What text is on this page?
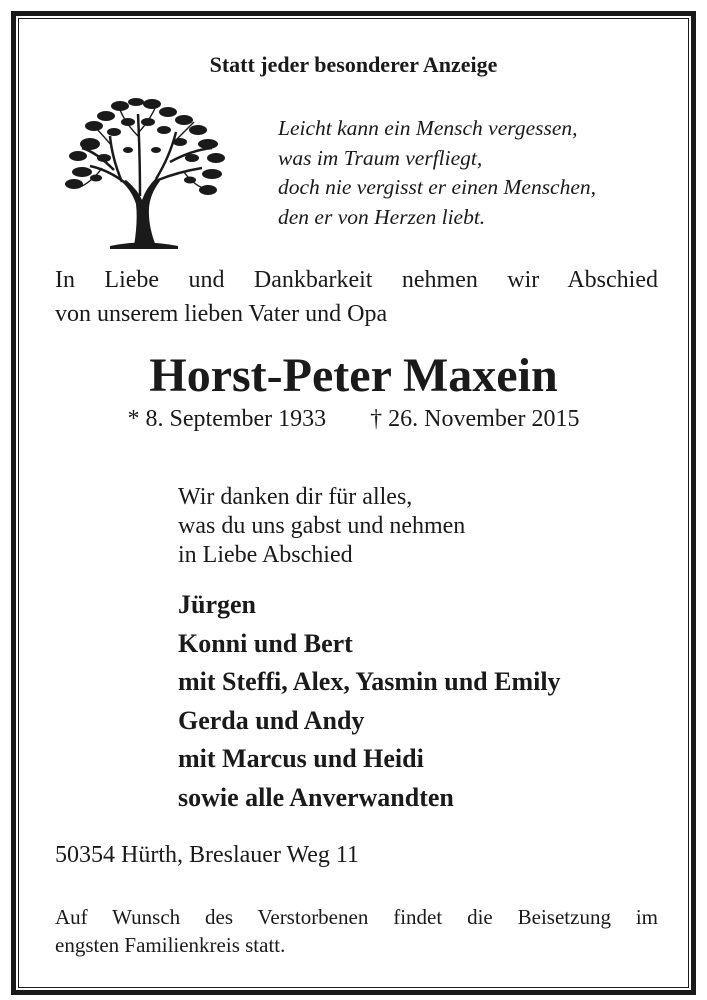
Statt jeder besonderer Anzeige
Leicht kann ein Mensch vergessen,
was im Traum verfliegt,
doch nie vergisst er einen Menschen,
den er von Herzen liebt.
In Liebe und Dankbarkeit nehmen wir Abschied
von unserem lieben Vater und Opa
Horst-Peter Maxein
* 8. September 1933 † 26. November 2015
Wir danken dir für alles,
was du uns gabst und nehmen
in Liebe Abschied
Jürgen
Konni und Bert
mit Steffi, Alex, Yasmin und Emily
Gerda und Andy
mit Marcus und Heidi
sowie alle Anverwandten
50354 Hürth, Breslauer Weg 11
Auf Wunsch des Verstorbenen findet die Beisetzung im
engsten Familienkreis statt.
